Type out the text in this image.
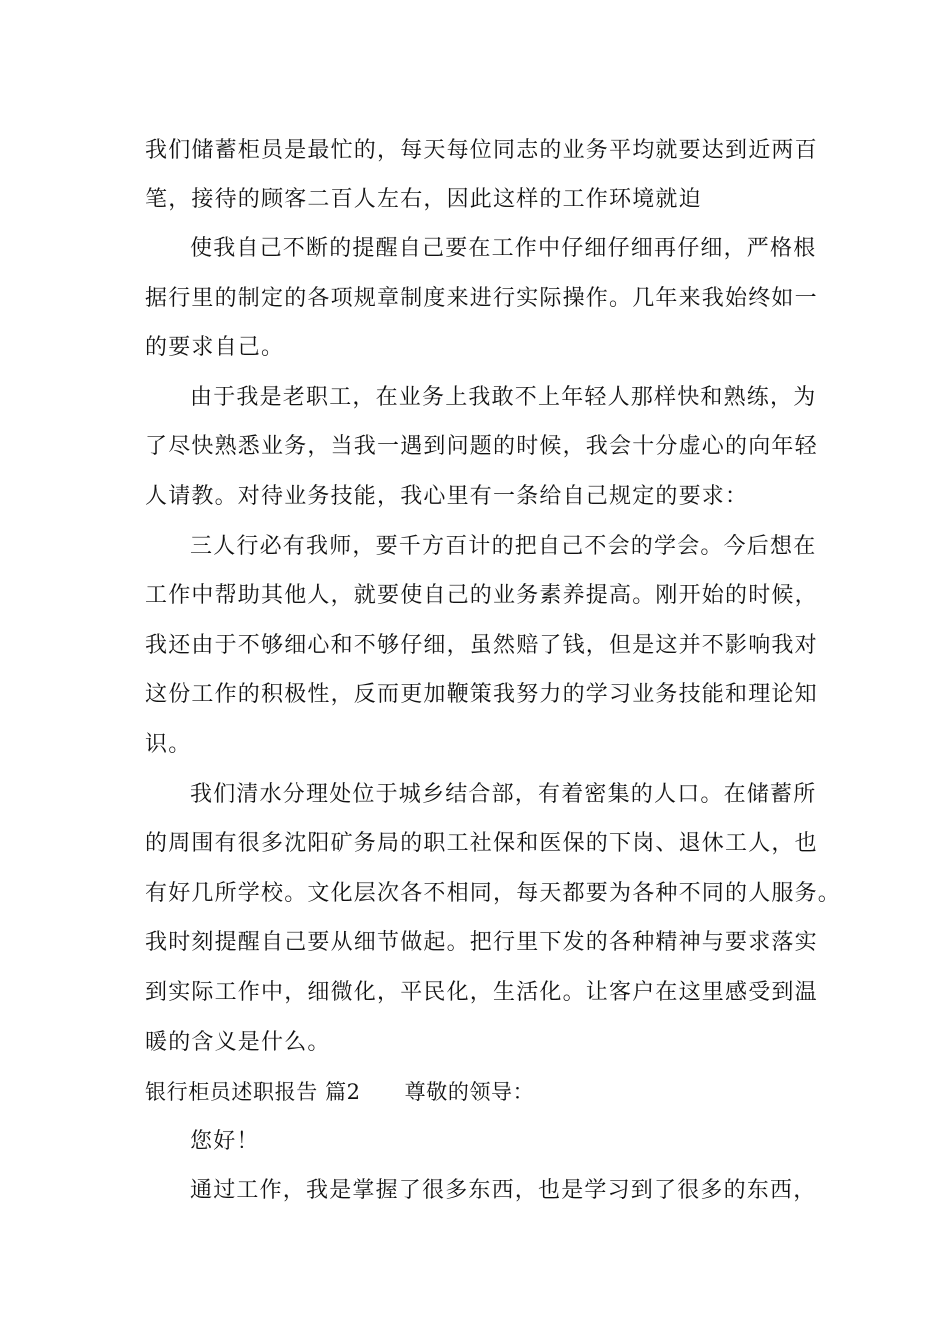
我们储蓄柜员是最忙的，每天每位同志的业务平均就要达到近两百
笔，接待的顾客二百人左右，因此这样的工作环境就迫
使我自己不断的提醒自己要在工作中仔细仔细再仔细，严格根
据行里的制定的各项规章制度来进行实际操作。几年来我始终如一
的要求自己。
由于我是老职工，在业务上我敢不上年轻人那样快和熟练，为
了尽快熟悉业务，当我一遇到问题的时候，我会十分虚心的向年轻
人请教。对待业务技能，我心里有一条给自己规定的要求：
三人行必有我师，要千方百计的把自己不会的学会。今后想在
工作中帮助其他人，就要使自己的业务素养提高。刚开始的时候，
我还由于不够细心和不够仔细，虽然赔了钱，但是这并不影响我对
这份工作的积极性，反而更加鞭策我努力的学习业务技能和理论知
识。
我们清水分理处位于城乡结合部，有着密集的人口。在储蓄所
的周围有很多沈阳矿务局的职工社保和医保的下岗、退休工人，也
有好几所学校。文化层次各不相同，每天都要为各种不同的人服务。
我时刻提醒自己要从细节做起。把行里下发的各种精神与要求落实
到实际工作中，细微化，平民化，生活化。让客户在这里感受到温
暖的含义是什么。
银行柜员述职报告 篇2 尊敬的领导：
您好！
通过工作，我是掌握了很多东西，也是学习到了很多的东西，
